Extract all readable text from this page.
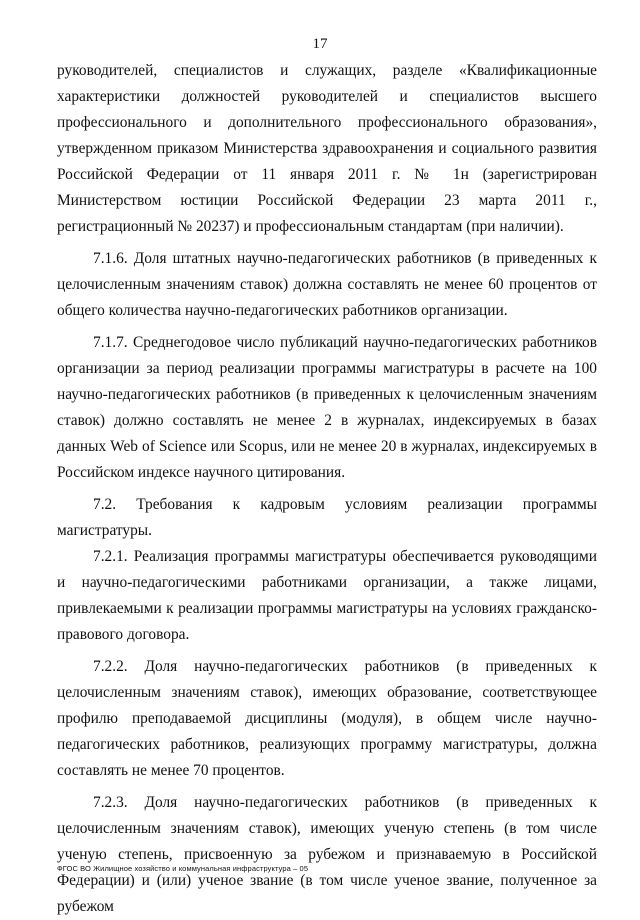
17

руководителей, специалистов и служащих, разделе «Квалификационные характеристики должностей руководителей и специалистов высшего профессионального и дополнительного профессионального образования», утвержденном приказом Министерства здравоохранения и социального развития Российской Федерации от 11 января 2011 г. № 1н (зарегистрирован Министерством юстиции Российской Федерации 23 марта 2011 г., регистрационный № 20237) и профессиональным стандартам (при наличии).

7.1.6. Доля штатных научно-педагогических работников (в приведенных к целочисленным значениям ставок) должна составлять не менее 60 процентов от общего количества научно-педагогических работников организации.

7.1.7. Среднегодовое число публикаций научно-педагогических работников организации за период реализации программы магистратуры в расчете на 100 научно-педагогических работников (в приведенных к целочисленным значениям ставок) должно составлять не менее 2 в журналах, индексируемых в базах данных Web of Science или Scopus, или не менее 20 в журналах, индексируемых в Российском индексе научного цитирования.

7.2. Требования к кадровым условиям реализации программы магистратуры.

7.2.1. Реализация программы магистратуры обеспечивается руководящими и научно-педагогическими работниками организации, а также лицами, привлекаемыми к реализации программы магистратуры на условиях гражданско-правового договора.

7.2.2. Доля научно-педагогических работников (в приведенных к целочисленным значениям ставок), имеющих образование, соответствующее профилю преподаваемой дисциплины (модуля), в общем числе научно-педагогических работников, реализующих программу магистратуры, должна составлять не менее 70 процентов.

7.2.3. Доля научно-педагогических работников (в приведенных к целочисленным значениям ставок), имеющих ученую степень (в том числе ученую степень, присвоенную за рубежом и признаваемую в Российской Федерации) и (или) ученое звание (в том числе ученое звание, полученное за рубежом

ФГОС ВО Жилищное хозяйство и коммунальная инфраструктура – 05
